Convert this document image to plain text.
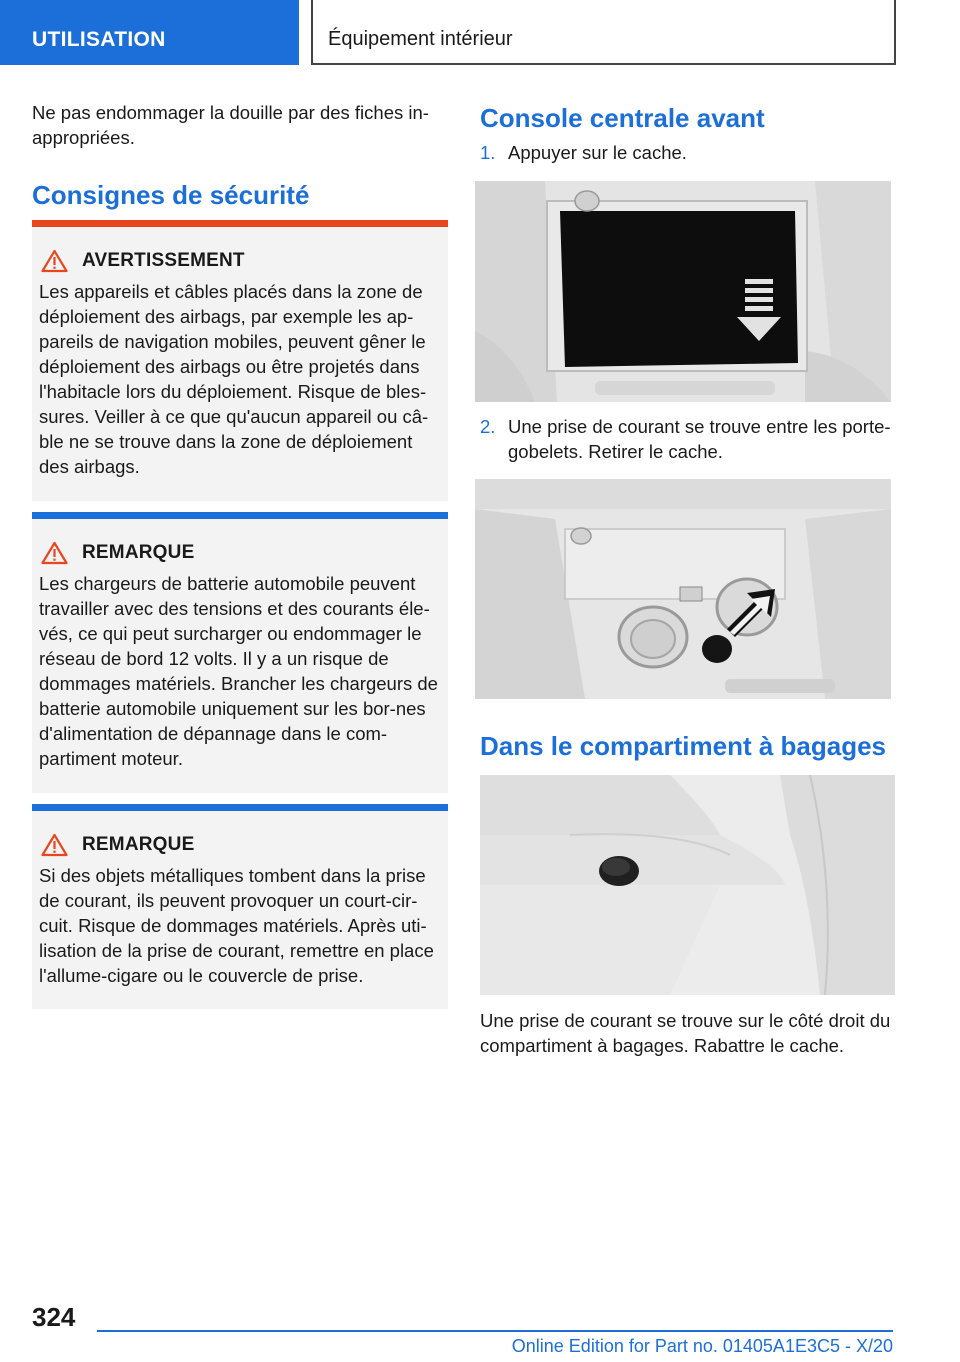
UTILISATION	Équipement intérieur

Ne pas endommager la douille par des fiches in‐appropriées.

Consignes de sécurité
AVERTISSEMENT

Les appareils et câbles placés dans la zone de déploiement des airbags, par exemple les ap‐pareils de navigation mobiles, peuvent gêner le déploiement des airbags ou être projetés dans l'habitacle lors du déploiement. Risque de bles‐sures. Veiller à ce que qu'aucun appareil ou câ‐ble ne se trouve dans la zone de déploiement des airbags.

REMARQUE

Les chargeurs de batterie automobile peuvent travailler avec des tensions et des courants éle‐vés, ce qui peut surcharger ou endommager le réseau de bord 12 volts. Il y a un risque de dommages matériels. Brancher les chargeurs de batterie automobile uniquement sur les bor‐nes d'alimentation de dépannage dans le com‐partiment moteur.

REMARQUE

Si des objets métalliques tombent dans la prise de courant, ils peuvent provoquer un court-cir‐cuit. Risque de dommages matériels. Après uti‐lisation de la prise de courant, remettre en place l'allume-cigare ou le couvercle de prise.

Console centrale avant
1. Appuyer sur le cache.
2. Une prise de courant se trouve entre les porte-gobelets. Retirer le cache.
Dans le compartiment à bagages

Une prise de courant se trouve sur le côté droit du compartiment à bagages. Rabattre le cache.

324
Online Edition for Part no. 01405A1E3C5 - X/20
